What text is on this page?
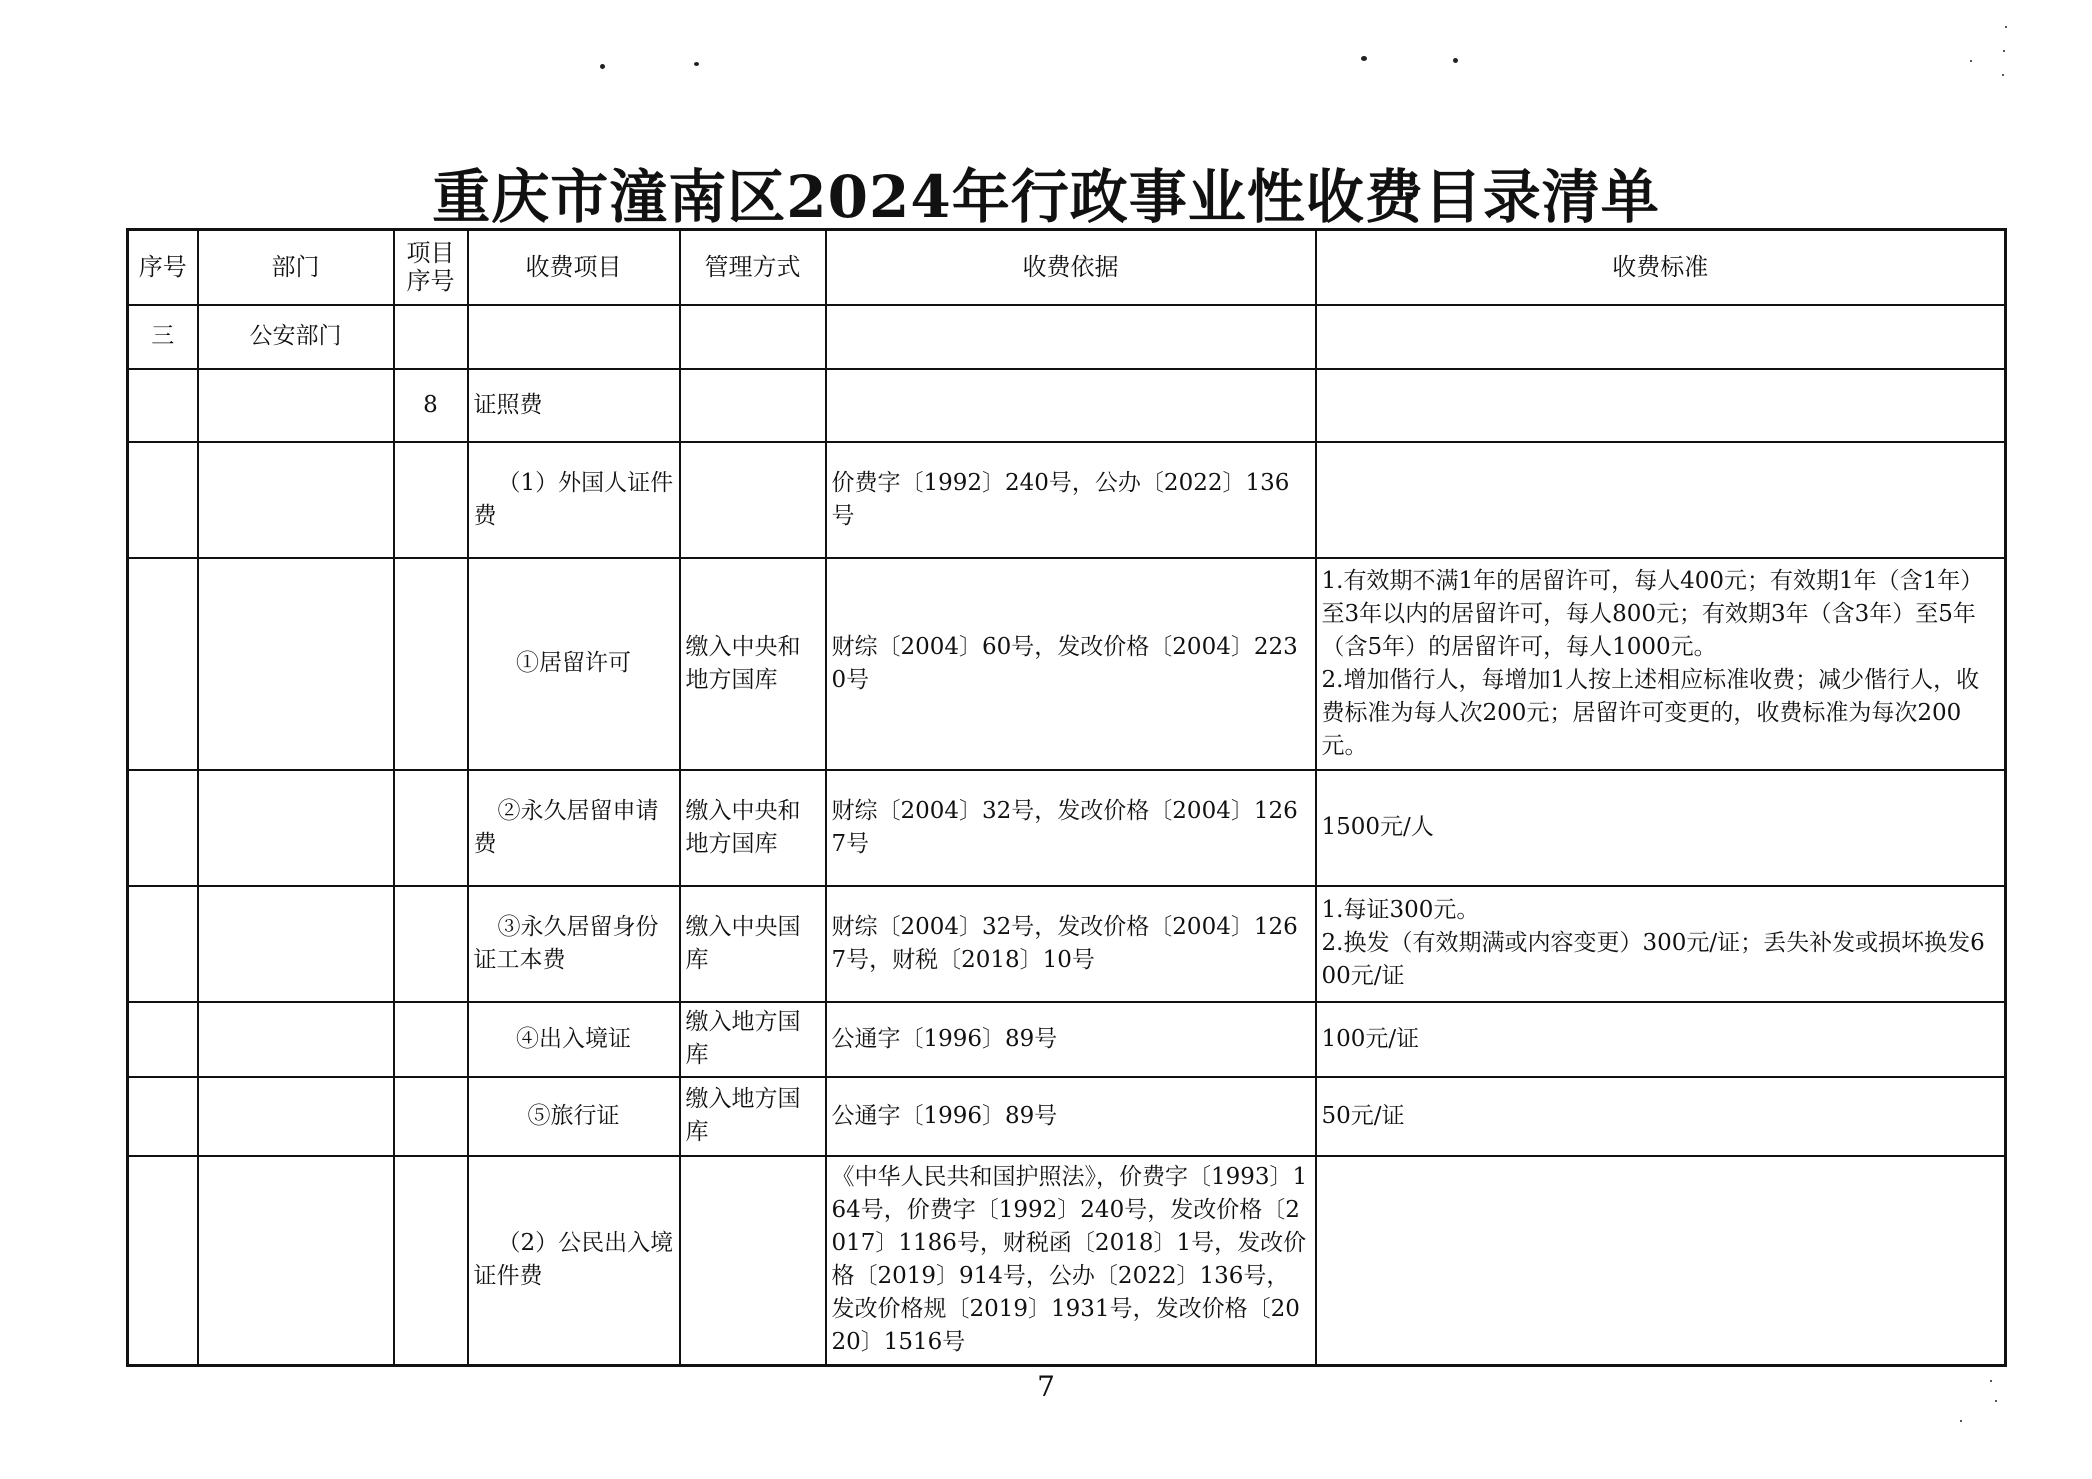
重庆市潼南区2024年行政事业性收费目录清单
序号	部门	项目序号	收费项目	管理方式	收费依据	收费标准
三	公安部门					
		8	证照费			
			（1）外国人证件费		价费字〔1992〕240号，公办〔2022〕136号	
			①居留许可	缴入中央和地方国库	财综〔2004〕60号，发改价格〔2004〕2230号	1.有效期不满1年的居留许可，每人400元；有效期1年（含1年）至3年以内的居留许可，每人800元；有效期3年（含3年）至5年（含5年）的居留许可，每人1000元。
2.增加偕行人，每增加1人按上述相应标准收费；减少偕行人，收费标准为每人次200元；居留许可变更的，收费标准为每次200元。

			②永久居留申请费	缴入中央和地方国库	财综〔2004〕32号，发改价格〔2004〕1267号	1500元/人

			③永久居留身份证工本费	缴入中央国库	财综〔2004〕32号，发改价格〔2004〕1267号，财税〔2018〕10号	1.每证300元。
2.换发（有效期满或内容变更）300元/证；丢失补发或损坏换发600元/证

			④出入境证	缴入地方国库	公通字〔1996〕89号	100元/证

			⑤旅行证	缴入地方国库	公通字〔1996〕89号	50元/证

			（2）公民出入境证件费		《中华人民共和国护照法》，价费字〔1993〕164号，价费字〔1992〕240号，发改价格〔2017〕1186号，财税函〔2018〕1号，发改价格〔2019〕914号，公办〔2022〕136号，发改价格规〔2019〕1931号，发改价格〔2020〕1516号	
7
